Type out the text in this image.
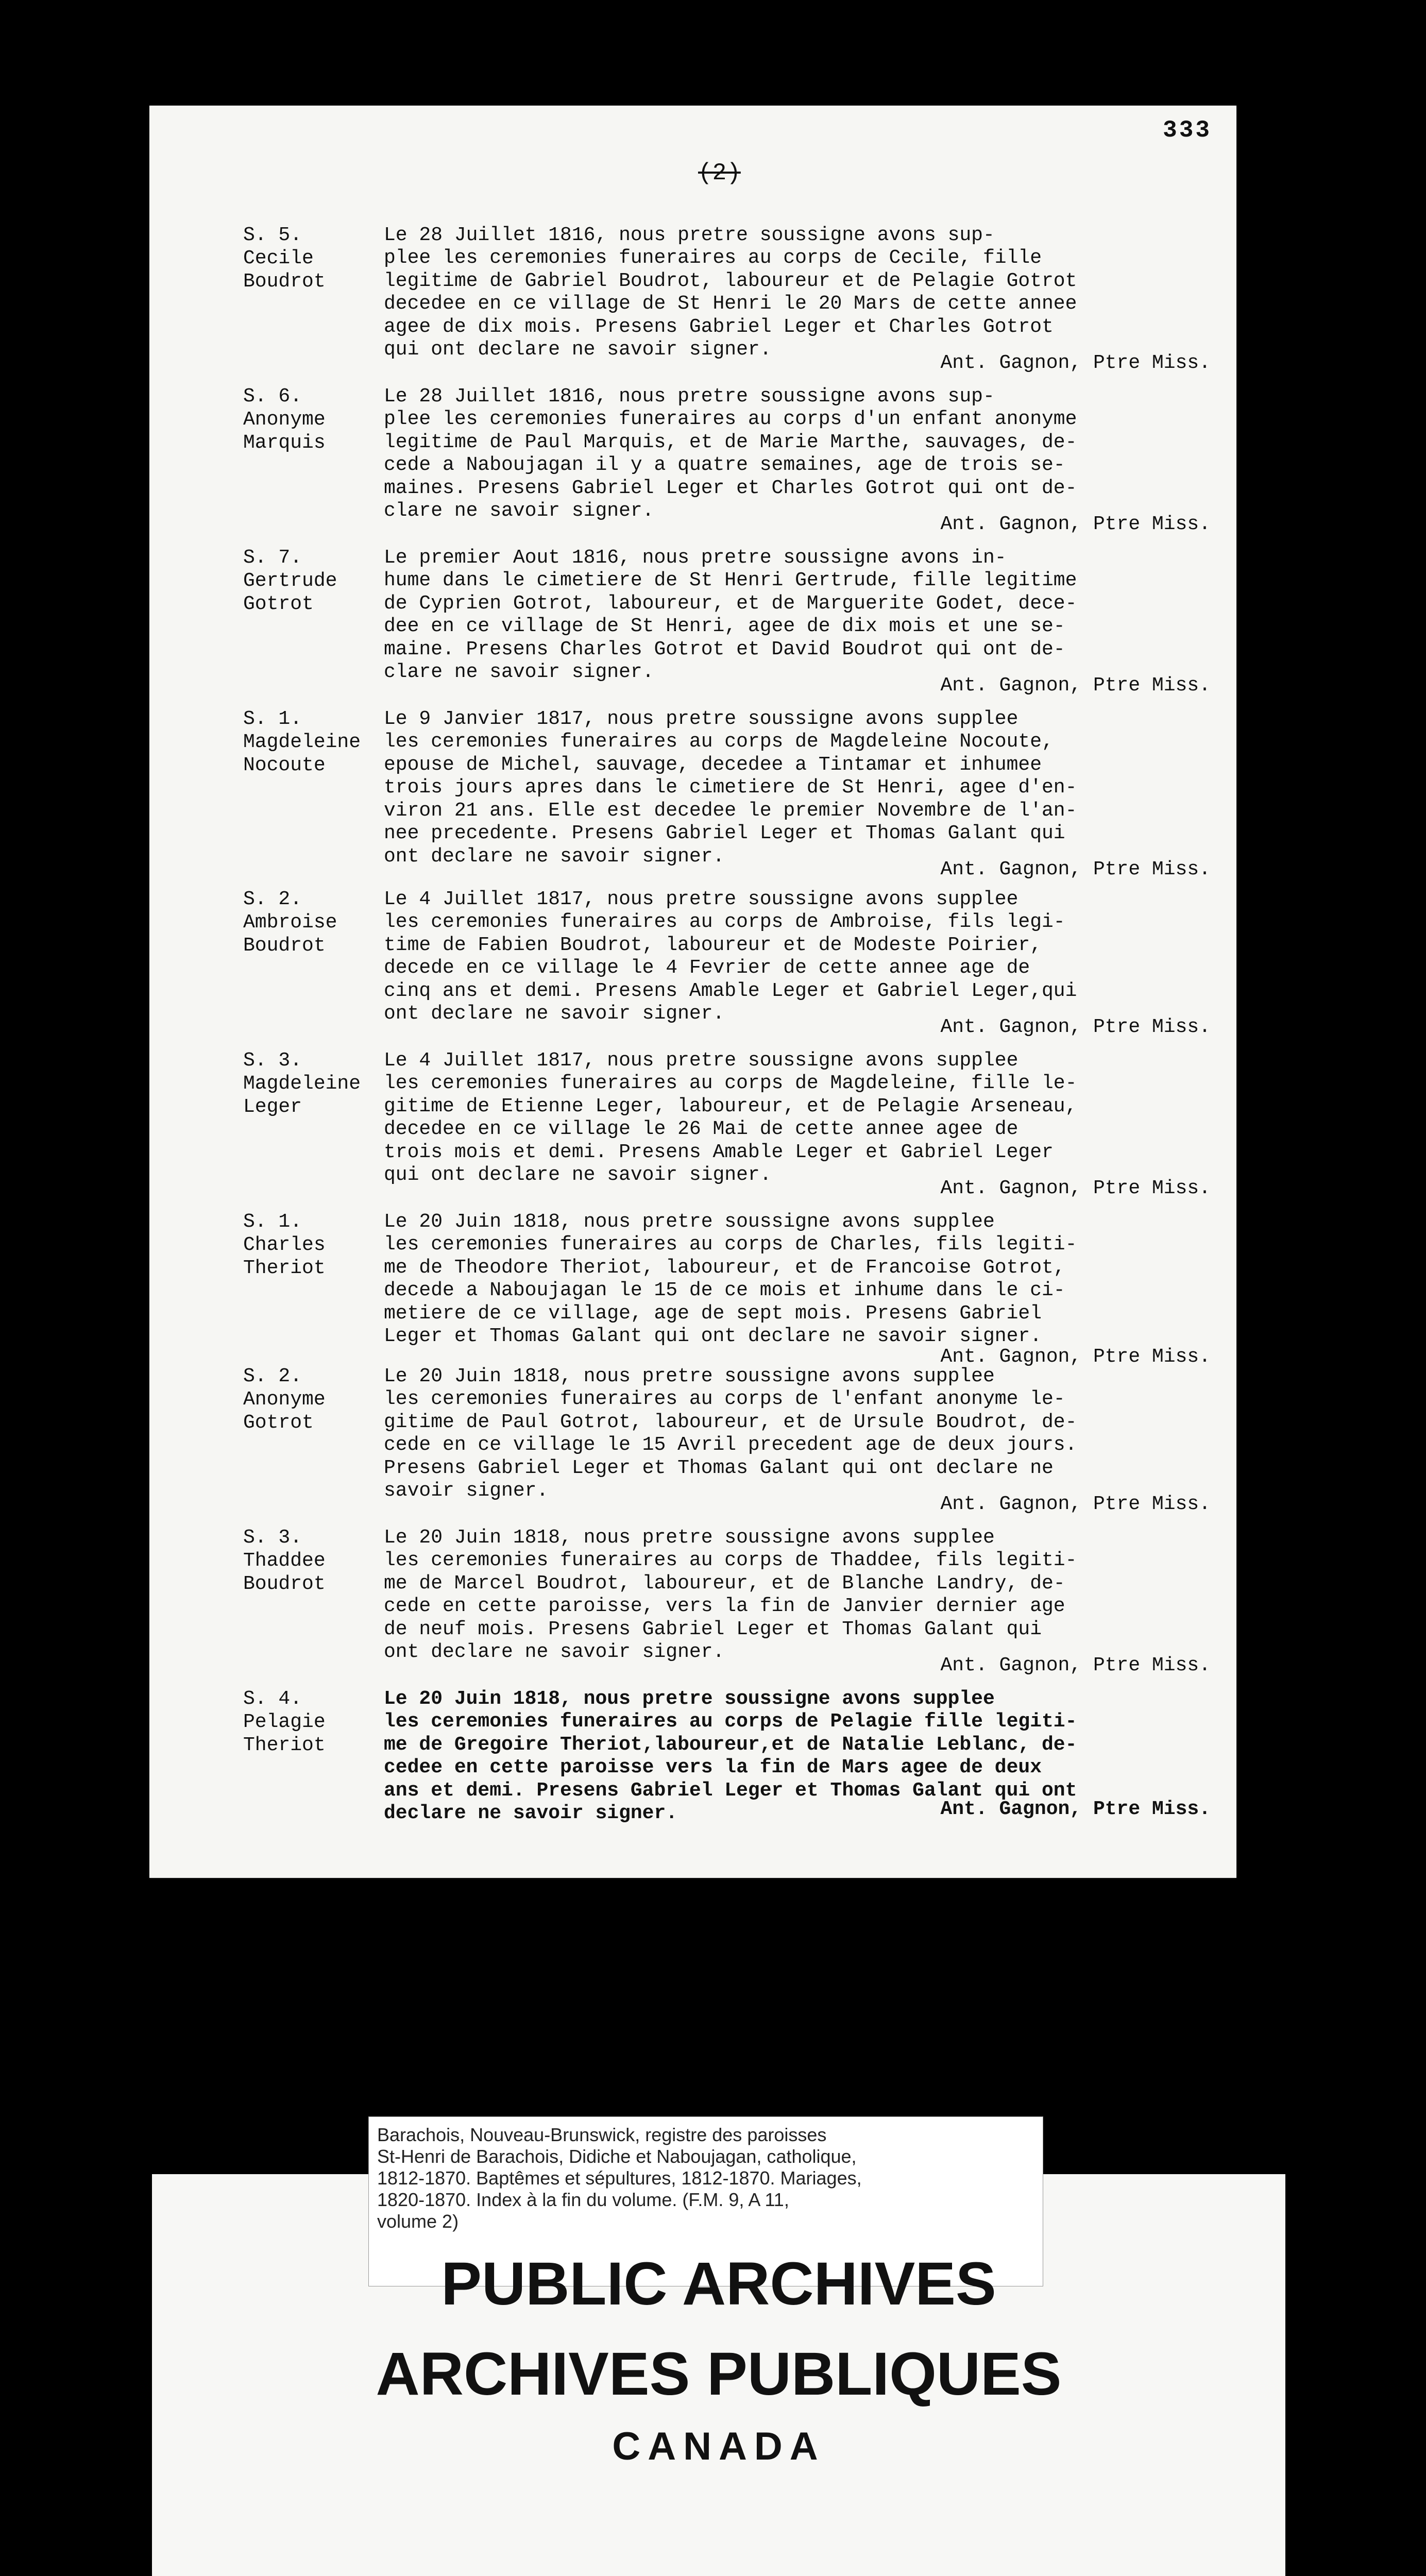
333
(2)
S. 5.
Cecile
Boudrot
Le 28 Juillet 1816, nous pretre soussigne avons sup-
plee les ceremonies funeraires au corps de Cecile, fille
legitime de Gabriel Boudrot, laboureur et de Pelagie Gotrot
decedee en ce village de St Henri le 20 Mars de cette annee
agee de dix mois. Presens Gabriel Leger et Charles Gotrot
qui ont declare ne savoir signer.
Ant. Gagnon, Ptre Miss.
S. 6.
Anonyme
Marquis
Le 28 Juillet 1816, nous pretre soussigne avons sup-
plee les ceremonies funeraires au corps d'un enfant anonyme
legitime de Paul Marquis, et de Marie Marthe, sauvages, de-
cede a Naboujagan il y a quatre semaines, age de trois se-
maines. Presens Gabriel Leger et Charles Gotrot qui ont de-
clare ne savoir signer.
Ant. Gagnon, Ptre Miss.
S. 7.
Gertrude
Gotrot
Le premier Aout 1816, nous pretre soussigne avons in-
hume dans le cimetiere de St Henri Gertrude, fille legitime
de Cyprien Gotrot, laboureur, et de Marguerite Godet, dece-
dee en ce village de St Henri, agee de dix mois et une se-
maine. Presens Charles Gotrot et David Boudrot qui ont de-
clare ne savoir signer.
Ant. Gagnon, Ptre Miss.
S. 1.
Magdeleine
Nocoute
Le 9 Janvier 1817, nous pretre soussigne avons supplee
les ceremonies funeraires au corps de Magdeleine Nocoute,
epouse de Michel, sauvage, decedee a Tintamar et inhumee
trois jours apres dans le cimetiere de St Henri, agee d'en-
viron 21 ans. Elle est decedee le premier Novembre de l'an-
nee precedente. Presens Gabriel Leger et Thomas Galant qui
ont declare ne savoir signer.
Ant. Gagnon, Ptre Miss.
S. 2.
Ambroise
Boudrot
Le 4 Juillet 1817, nous pretre soussigne avons supplee
les ceremonies funeraires au corps de Ambroise, fils legi-
time de Fabien Boudrot, laboureur et de Modeste Poirier,
decede en ce village le 4 Fevrier de cette annee age de
cinq ans et demi. Presens Amable Leger et Gabriel Leger,qui
ont declare ne savoir signer.
Ant. Gagnon, Ptre Miss.
S. 3.
Magdeleine
Leger
Le 4 Juillet 1817, nous pretre soussigne avons supplee
les ceremonies funeraires au corps de Magdeleine, fille le-
gitime de Etienne Leger, laboureur, et de Pelagie Arseneau,
decedee en ce village le 26 Mai de cette annee agee de
trois mois et demi. Presens Amable Leger et Gabriel Leger
qui ont declare ne savoir signer.
Ant. Gagnon, Ptre Miss.
S. 1.
Charles
Theriot
Le 20 Juin 1818, nous pretre soussigne avons supplee
les ceremonies funeraires au corps de Charles, fils legiti-
me de Theodore Theriot, laboureur, et de Francoise Gotrot,
decede a Naboujagan le 15 de ce mois et inhume dans le ci-
metiere de ce village, age de sept mois. Presens Gabriel
Leger et Thomas Galant qui ont declare ne savoir signer.
Ant. Gagnon, Ptre Miss.
S. 2.
Anonyme
Gotrot
Le 20 Juin 1818, nous pretre soussigne avons supplee
les ceremonies funeraires au corps de l'enfant anonyme le-
gitime de Paul Gotrot, laboureur, et de Ursule Boudrot, de-
cede en ce village le 15 Avril precedent age de deux jours.
Presens Gabriel Leger et Thomas Galant qui ont declare ne
savoir signer.
Ant. Gagnon, Ptre Miss.
S. 3.
Thaddee
Boudrot
Le 20 Juin 1818, nous pretre soussigne avons supplee
les ceremonies funeraires au corps de Thaddee, fils legiti-
me de Marcel Boudrot, laboureur, et de Blanche Landry, de-
cede en cette paroisse, vers la fin de Janvier dernier age
de neuf mois. Presens Gabriel Leger et Thomas Galant qui
ont declare ne savoir signer.
Ant. Gagnon, Ptre Miss.
S. 4.
Pelagie
Theriot
Le 20 Juin 1818, nous pretre soussigne avons supplee
les ceremonies funeraires au corps de Pelagie fille legiti-
me de Gregoire Theriot,laboureur,et de Natalie Leblanc, de-
cedee en cette paroisse vers la fin de Mars agee de deux
ans et demi. Presens Gabriel Leger et Thomas Galant qui ont
declare ne savoir signer.	Ant. Gagnon, Ptre Miss.
Barachois, Nouveau-Brunswick, registre des paroisses
St-Henri de Barachois, Didiche et Naboujagan, catholique,
1812-1870. Baptêmes et sépultures, 1812-1870. Mariages,
1820-1870. Index à la fin du volume. (F.M. 9, A 11,
volume 2)
PUBLIC ARCHIVES
ARCHIVES PUBLIQUES
CANADA
